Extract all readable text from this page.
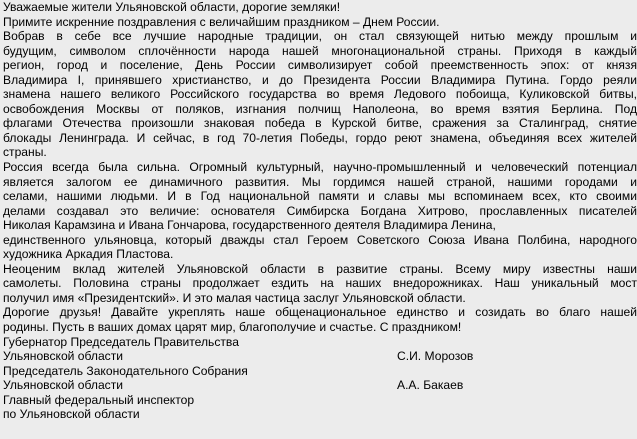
Уважаемые жители Ульяновской области, дорогие земляки!
Примите искренние поздравления с величайшим праздником – Днем России.
Вобрав в себе все лучшие народные традиции, он стал связующей нитью между прошлым и
будущим, символом сплочённости народа нашей многонациональной страны. Приходя в каждый
регион, город и поселение, День России символизирует собой преемственность эпох: от князя
Владимира I, принявшего христианство, и до Президента России Владимира Путина. Гордо реяли
знамена нашего великого Российского государства во время Ледового побоища, Куликовской битвы,
освобождения Москвы от поляков, изгнания полчищ Наполеона, во время взятия Берлина. Под
флагами Отечества произошли знаковая победа в Курской битве, сражения за Сталинград, снятие
блокады Ленинграда. И сейчас, в год 70-летия Победы, гордо реют знамена, объединяя всех жителей
страны.
Россия всегда была сильна. Огромный культурный, научно-промышленный и человеческий потенциал
является залогом ее динамичного развития. Мы гордимся нашей страной, нашими городами и
селами, нашими людьми. И в Год национальной памяти и славы мы вспоминаем всех, кто своими
делами создавал это величие: основателя Симбирска Богдана Хитрово, прославленных писателей
Николая Карамзина и Ивана Гончарова, государственного деятеля Владимира Ленина,
единственного ульяновца, который дважды стал Героем Советского Союза Ивана Полбина, народного
художника Аркадия Пластова.
Неоценим вклад жителей Ульяновской области в развитие страны. Всему миру известны наши
самолеты. Половина страны продолжает ездить на наших внедорожниках. Наш уникальный мост
получил имя «Президентский». И это малая частица заслуг Ульяновской области.
Дорогие друзья! Давайте укреплять наше общенациональное единство и созидать во благо нашей
родины. Пусть в ваших домах царят мир, благополучие и счастье. С праздником!
Губернатор Председатель Правительства
Ульяновской области	С.И. Морозов
Председатель Законодательного Собрания
Ульяновской области	А.А. Бакаев
Главный федеральный инспектор
по Ульяновской области
